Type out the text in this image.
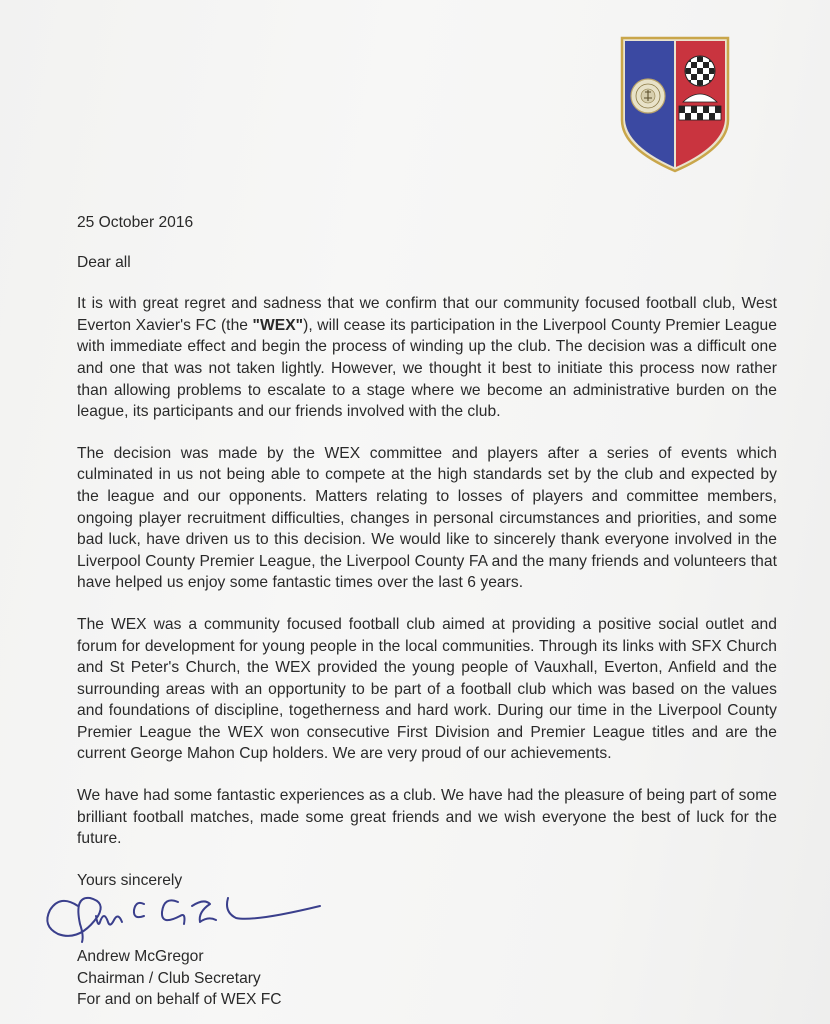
25 October 2016

Dear all

It is with great regret and sadness that we confirm that our community focused football club, West Everton Xavier's FC (the "WEX"), will cease its participation in the Liverpool County Premier League with immediate effect and begin the process of winding up the club. The decision was a difficult one and one that was not taken lightly. However, we thought it best to initiate this process now rather than allowing problems to escalate to a stage where we become an administrative burden on the league, its participants and our friends involved with the club.

The decision was made by the WEX committee and players after a series of events which culminated in us not being able to compete at the high standards set by the club and expected by the league and our opponents. Matters relating to losses of players and committee members, ongoing player recruitment difficulties, changes in personal circumstances and priorities, and some bad luck, have driven us to this decision. We would like to sincerely thank everyone involved in the Liverpool County Premier League, the Liverpool County FA and the many friends and volunteers that have helped us enjoy some fantastic times over the last 6 years.

The WEX was a community focused football club aimed at providing a positive social outlet and forum for development for young people in the local communities. Through its links with SFX Church and St Peter's Church, the WEX provided the young people of Vauxhall, Everton, Anfield and the surrounding areas with an opportunity to be part of a football club which was based on the values and foundations of discipline, togetherness and hard work. During our time in the Liverpool County Premier League the WEX won consecutive First Division and Premier League titles and are the current George Mahon Cup holders. We are very proud of our achievements.

We have had some fantastic experiences as a club. We have had the pleasure of being part of some brilliant football matches, made some great friends and we wish everyone the best of luck for the future.

Yours sincerely

Andrew McGregor
Chairman / Club Secretary
For and on behalf of WEX FC
